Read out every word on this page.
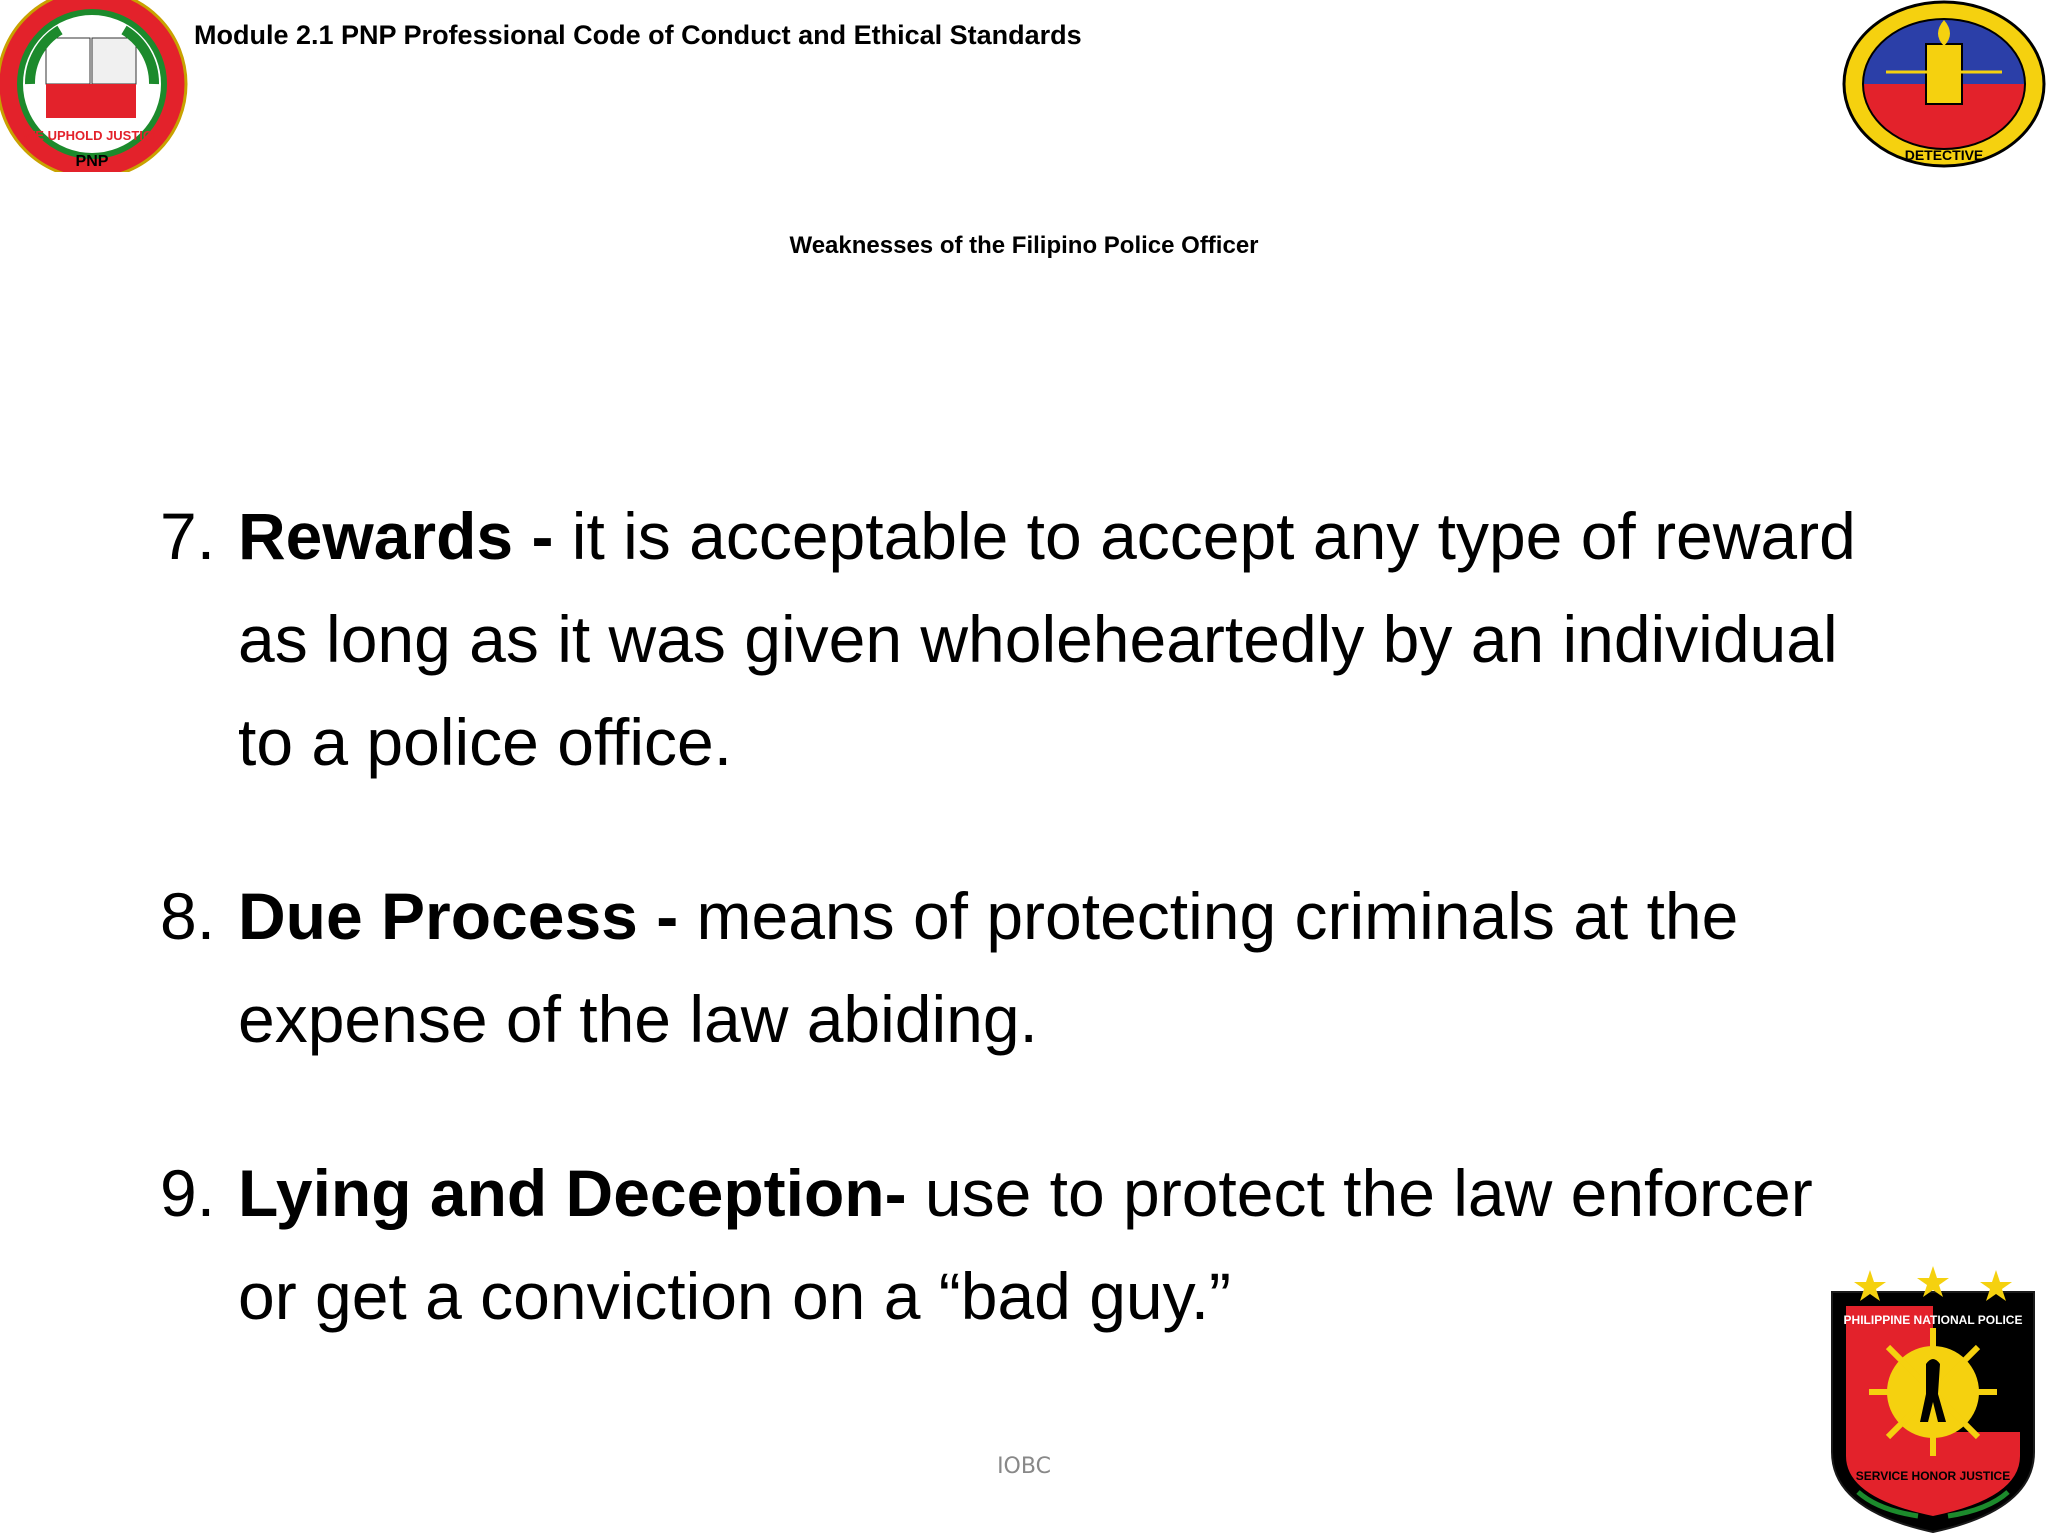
Module 2.1 PNP Professional Code of Conduct and Ethical Standards
WE UPHOLD JUSTICE
PNP	DETECTIVE
Weaknesses of the Filipino Police Officer
7. Rewards - it is acceptable to accept any type of reward as long as it was given wholeheartedly by an individual to a police office.
8. Due Process - means of protecting criminals at the expense of the law abiding.
9. Lying and Deception- use to protect the law enforcer or get a conviction on a “bad guy.”	PHILIPPINE NATIONAL POLICE
SERVICE HONOR JUSTICE
IOBC
